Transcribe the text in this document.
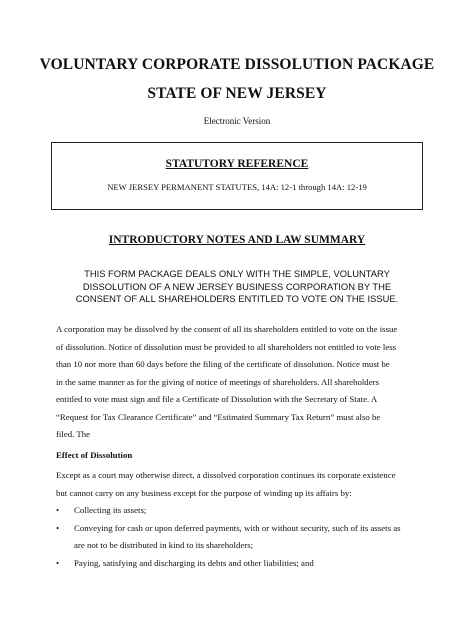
VOLUNTARY CORPORATE DISSOLUTION PACKAGE
STATE OF NEW JERSEY
Electronic Version
STATUTORY REFERENCE
NEW JERSEY PERMANENT STATUTES, 14A: 12-1 through 14A: 12-19
INTRODUCTORY NOTES AND LAW SUMMARY
THIS FORM PACKAGE DEALS ONLY WITH THE SIMPLE, VOLUNTARY
DISSOLUTION OF A NEW JERSEY BUSINESS CORPORATION BY THE
CONSENT OF ALL SHAREHOLDERS ENTITLED TO VOTE ON THE ISSUE.
A corporation may be dissolved by the consent of all its shareholders entitled to vote on the issue
of dissolution. Notice of dissolution must be provided to all shareholders not entitled to vote less
than 10 nor more than 60 days before the filing of the certificate of dissolution. Notice must be
in the same manner as for the giving of notice of meetings of shareholders. All shareholders
entitled to vote must sign and file a Certificate of Dissolution with the Secretary of State. A
“Request for Tax Clearance Certificate” and “Estimated Summary Tax Return” must also be
filed. The
Effect of Dissolution
Except as a court may otherwise direct, a dissolved corporation continues its corporate existence
but cannot carry on any business except for the purpose of winding up its affairs by:
• Collecting its assets;
• Conveying for cash or upon deferred payments, with or without security, such of its assets as
are not to be distributed in kind to its shareholders;
• Paying, satisfying and discharging its debts and other liabilities; and
